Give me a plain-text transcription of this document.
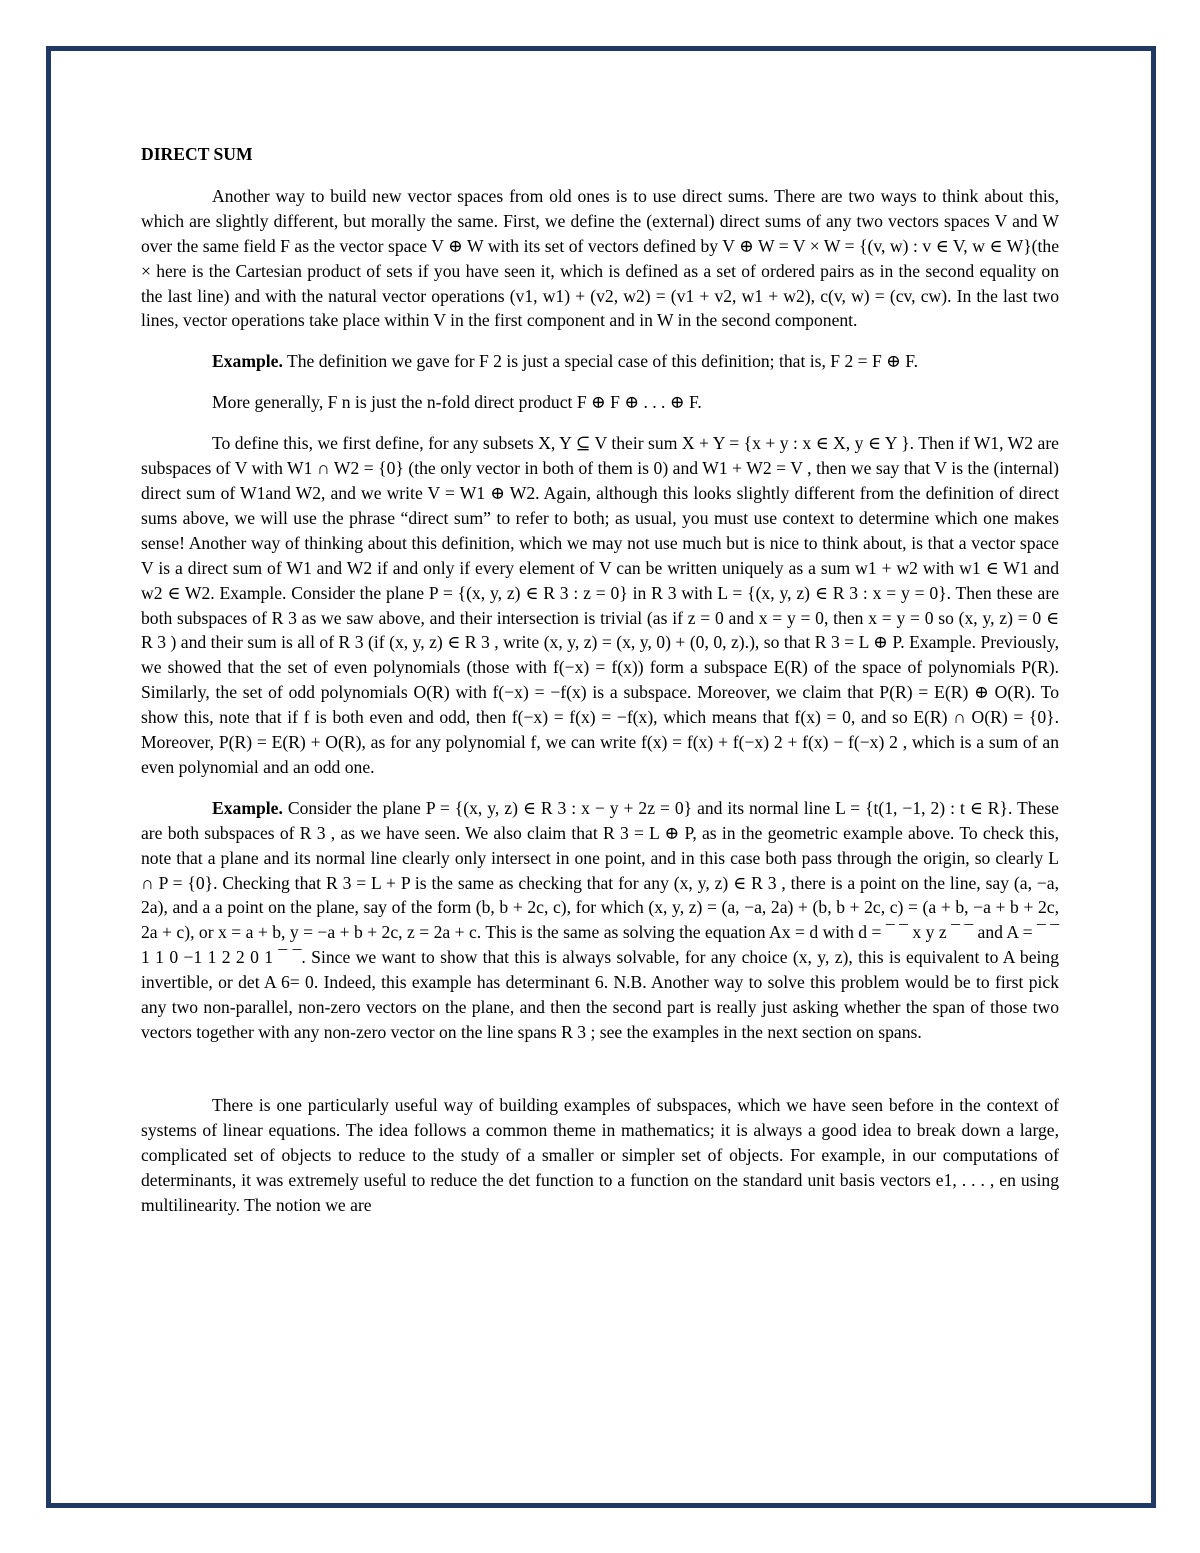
DIRECT SUM

Another way to build new vector spaces from old ones is to use direct sums. There are two ways to think about this, which are slightly different, but morally the same. First, we define the (external) direct sums of any two vectors spaces V and W over the same field F as the vector space V ⊕ W with its set of vectors defined by V ⊕ W = V × W = {(v, w) : v ∈ V, w ∈ W}(the × here is the Cartesian product of sets if you have seen it, which is defined as a set of ordered pairs as in the second equality on the last line) and with the natural vector operations (v1, w1) + (v2, w2) = (v1 + v2, w1 + w2), c(v, w) = (cv, cw). In the last two lines, vector operations take place within V in the first component and in W in the second component.

Example. The definition we gave for F 2 is just a special case of this definition; that is, F 2 = F ⊕ F.

More generally, F n is just the n-fold direct product F ⊕ F ⊕ . . . ⊕ F.

To define this, we first define, for any subsets X, Y ⊆ V their sum X + Y = {x + y : x ∈ X, y ∈ Y }. Then if W1, W2 are subspaces of V with W1 ∩ W2 = {0} (the only vector in both of them is 0) and W1 + W2 = V , then we say that V is the (internal) direct sum of W1and W2, and we write V = W1 ⊕ W2. Again, although this looks slightly different from the definition of direct sums above, we will use the phrase “direct sum” to refer to both; as usual, you must use context to determine which one makes sense! Another way of thinking about this definition, which we may not use much but is nice to think about, is that a vector space V is a direct sum of W1 and W2 if and only if every element of V can be written uniquely as a sum w1 + w2 with w1 ∈ W1 and w2 ∈ W2. Example. Consider the plane P = {(x, y, z) ∈ R 3 : z = 0} in R 3 with L = {(x, y, z) ∈ R 3 : x = y = 0}. Then these are both subspaces of R 3 as we saw above, and their intersection is trivial (as if z = 0 and x = y = 0, then x = y = 0 so (x, y, z) = 0 ∈ R 3 ) and their sum is all of R 3 (if (x, y, z) ∈ R 3 , write (x, y, z) = (x, y, 0) + (0, 0, z).), so that R 3 = L ⊕ P. Example. Previously, we showed that the set of even polynomials (those with f(−x) = f(x)) form a subspace E(R) of the space of polynomials P(R). Similarly, the set of odd polynomials O(R) with f(−x) = −f(x) is a subspace. Moreover, we claim that P(R) = E(R) ⊕ O(R). To show this, note that if f is both even and odd, then f(−x) = f(x) = −f(x), which means that f(x) = 0, and so E(R) ∩ O(R) = {0}. Moreover, P(R) = E(R) + O(R), as for any polynomial f, we can write f(x) = f(x) + f(−x) 2 + f(x) − f(−x) 2 , which is a sum of an even polynomial and an odd one.

Example. Consider the plane P = {(x, y, z) ∈ R 3 : x − y + 2z = 0} and its normal line L = {t(1, −1, 2) : t ∈ R}. These are both subspaces of R 3 , as we have seen. We also claim that R 3 = L ⊕ P, as in the geometric example above. To check this, note that a plane and its normal line clearly only intersect in one point, and in this case both pass through the origin, so clearly L ∩ P = {0}. Checking that R 3 = L + P is the same as checking that for any (x, y, z) ∈ R 3 , there is a point on the line, say (a, −a, 2a), and a a point on the plane, say of the form (b, b + 2c, c), for which (x, y, z) = (a, −a, 2a) + (b, b + 2c, c) = (a + b, −a + b + 2c, 2a + c), or x = a + b, y = −a + b + 2c, z = 2a + c. This is the same as solving the equation Ax = d with d = ¯ ¯ x y z ¯ ¯ and A = ¯ ¯ 1 1 0 −1 1 2 2 0 1 ¯ ¯. Since we want to show that this is always solvable, for any choice (x, y, z), this is equivalent to A being invertible, or det A 6= 0. Indeed, this example has determinant 6. N.B. Another way to solve this problem would be to first pick any two non-parallel, non-zero vectors on the plane, and then the second part is really just asking whether the span of those two vectors together with any non-zero vector on the line spans R 3 ; see the examples in the next section on spans.

There is one particularly useful way of building examples of subspaces, which we have seen before in the context of systems of linear equations. The idea follows a common theme in mathematics; it is always a good idea to break down a large, complicated set of objects to reduce to the study of a smaller or simpler set of objects. For example, in our computations of determinants, it was extremely useful to reduce the det function to a function on the standard unit basis vectors e1, . . . , en using multilinearity. The notion we are
